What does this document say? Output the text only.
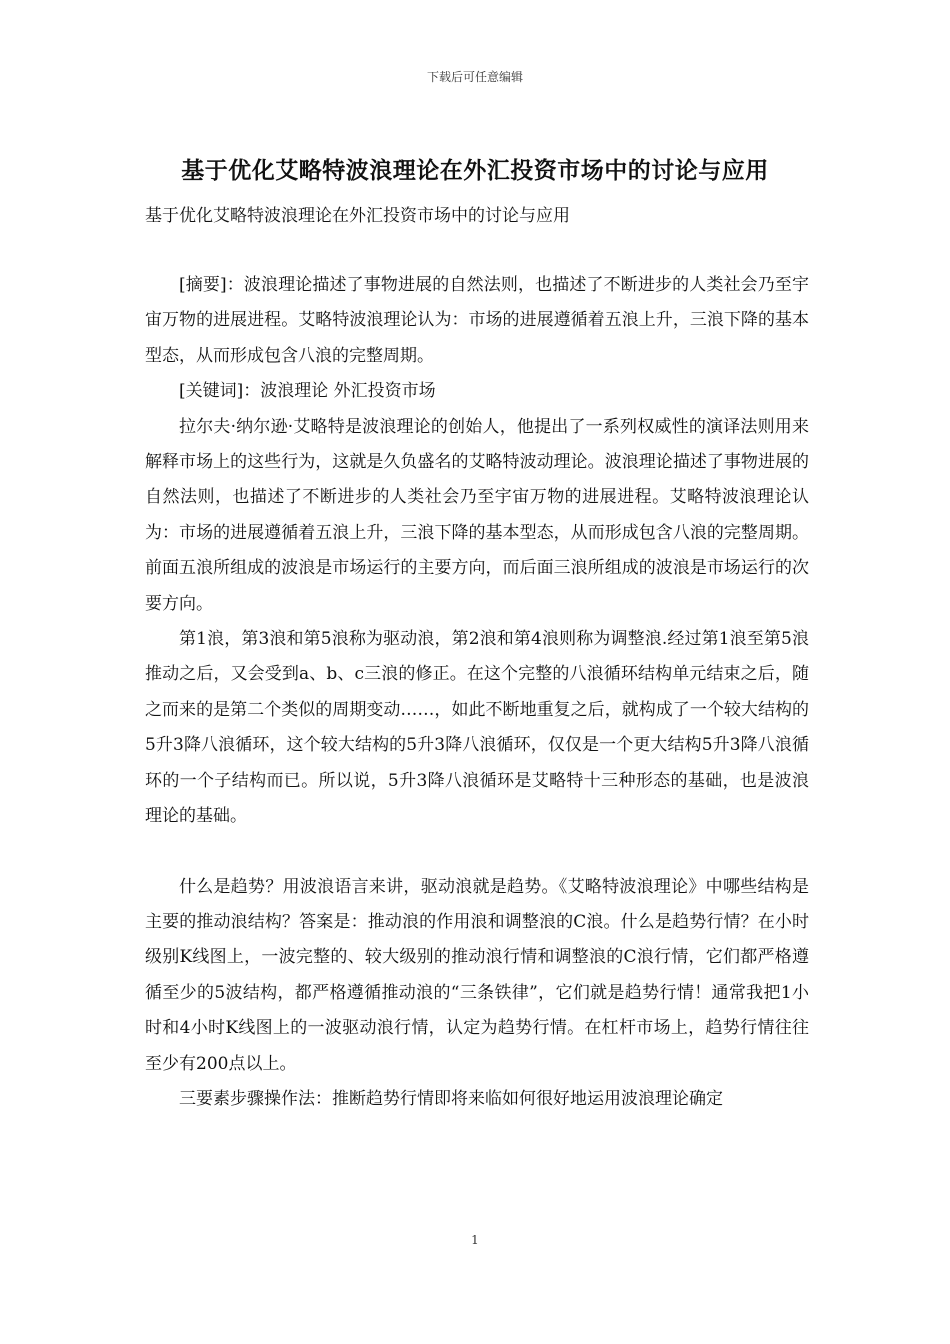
下载后可任意编辑
基于优化艾略特波浪理论在外汇投资市场中的讨论与应用
基于优化艾略特波浪理论在外汇投资市场中的讨论与应用

[摘要]：波浪理论描述了事物进展的自然法则，也描述了不断进步的人类社会乃至宇宙万物的进展进程。艾略特波浪理论认为：市场的进展遵循着五浪上升，三浪下降的基本型态，从而形成包含八浪的完整周期。

[关键词]：波浪理论 外汇投资市场

拉尔夫·纳尔逊·艾略特是波浪理论的创始人，他提出了一系列权威性的演译法则用来解释市场上的这些行为，这就是久负盛名的艾略特波动理论。波浪理论描述了事物进展的自然法则，也描述了不断进步的人类社会乃至宇宙万物的进展进程。艾略特波浪理论认为：市场的进展遵循着五浪上升，三浪下降的基本型态，从而形成包含八浪的完整周期。前面五浪所组成的波浪是市场运行的主要方向，而后面三浪所组成的波浪是市场运行的次要方向。

第1浪，第3浪和第5浪称为驱动浪，第2浪和第4浪则称为调整浪.经过第1浪至第5浪推动之后，又会受到a、b、c三浪的修正。在这个完整的八浪循环结构单元结束之后，随之而来的是第二个类似的周期变动……，如此不断地重复之后，就构成了一个较大结构的5升3降八浪循环，这个较大结构的5升3降八浪循环，仅仅是一个更大结构5升3降八浪循环的一个子结构而已。所以说，5升3降八浪循环是艾略特十三种形态的基础，也是波浪理论的基础。

什么是趋势？用波浪语言来讲，驱动浪就是趋势。《艾略特波浪理论》中哪些结构是主要的推动浪结构？答案是：推动浪的作用浪和调整浪的C浪。什么是趋势行情？在小时级别K线图上，一波完整的、较大级别的推动浪行情和调整浪的C浪行情，它们都严格遵循至少的5波结构，都严格遵循推动浪的“三条铁律”，它们就是趋势行情！通常我把1小时和4小时K线图上的一波驱动浪行情，认定为趋势行情。在杠杆市场上，趋势行情往往至少有200点以上。

三要素步骤操作法：推断趋势行情即将来临如何很好地运用波浪理论确定

1
